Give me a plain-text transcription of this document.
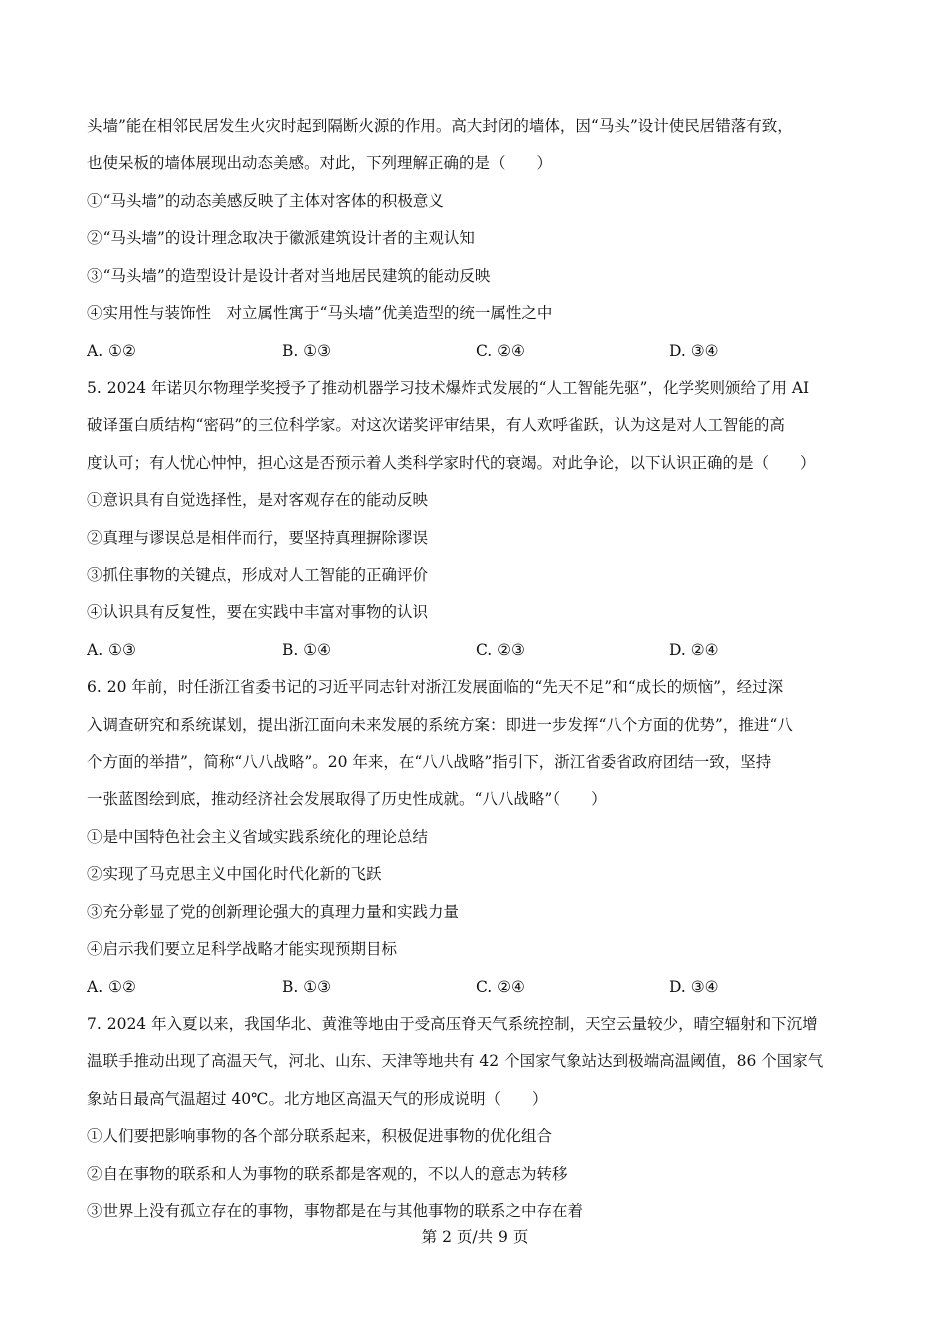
头墙”能在相邻民居发生火灾时起到隔断火源的作用。高大封闭的墙体，因“马头”设计使民居错落有致，
也使呆板的墙体展现出动态美感。对此，下列理解正确的是（　　）
①“马头墙”的动态美感反映了主体对客体的积极意义
②“马头墙”的设计理念取决于徽派建筑设计者的主观认知
③“马头墙”的造型设计是设计者对当地居民建筑的能动反映
④实用性与装饰性　对立属性寓于“马头墙”优美造型的统一属性之中
A. ①②	B. ①③	C. ②④	D. ③④
5. 2024 年诺贝尔物理学奖授予了推动机器学习技术爆炸式发展的“人工智能先驱”，化学奖则颁给了用 AI
破译蛋白质结构“密码”的三位科学家。对这次诺奖评审结果，有人欢呼雀跃，认为这是对人工智能的高
度认可；有人忧心忡忡，担心这是否预示着人类科学家时代的衰竭。对此争论，以下认识正确的是（　　）
①意识具有自觉选择性，是对客观存在的能动反映
②真理与谬误总是相伴而行，要坚持真理摒除谬误
③抓住事物的关键点，形成对人工智能的正确评价
④认识具有反复性，要在实践中丰富对事物的认识
A. ①③	B. ①④	C. ②③	D. ②④
6. 20 年前，时任浙江省委书记的习近平同志针对浙江发展面临的“先天不足”和“成长的烦恼”，经过深
入调查研究和系统谋划，提出浙江面向未来发展的系统方案：即进一步发挥“八个方面的优势”，推进“八
个方面的举措”，简称“八八战略”。20 年来，在“八八战略”指引下，浙江省委省政府团结一致，坚持
一张蓝图绘到底，推动经济社会发展取得了历史性成就。“八八战略”（　　）
①是中国特色社会主义省域实践系统化的理论总结
②实现了马克思主义中国化时代化新的飞跃
③充分彰显了党的创新理论强大的真理力量和实践力量
④启示我们要立足科学战略才能实现预期目标
A. ①②	B. ①③	C. ②④	D. ③④
7. 2024 年入夏以来，我国华北、黄淮等地由于受高压脊天气系统控制，天空云量较少，晴空辐射和下沉增
温联手推动出现了高温天气，河北、山东、天津等地共有 42 个国家气象站达到极端高温阈值，86 个国家气
象站日最高气温超过 40℃。北方地区高温天气的形成说明（　　）
①人们要把影响事物的各个部分联系起来，积极促进事物的优化组合
②自在事物的联系和人为事物的联系都是客观的，不以人的意志为转移
③世界上没有孤立存在的事物，事物都是在与其他事物的联系之中存在着
第 2 页/共 9 页
